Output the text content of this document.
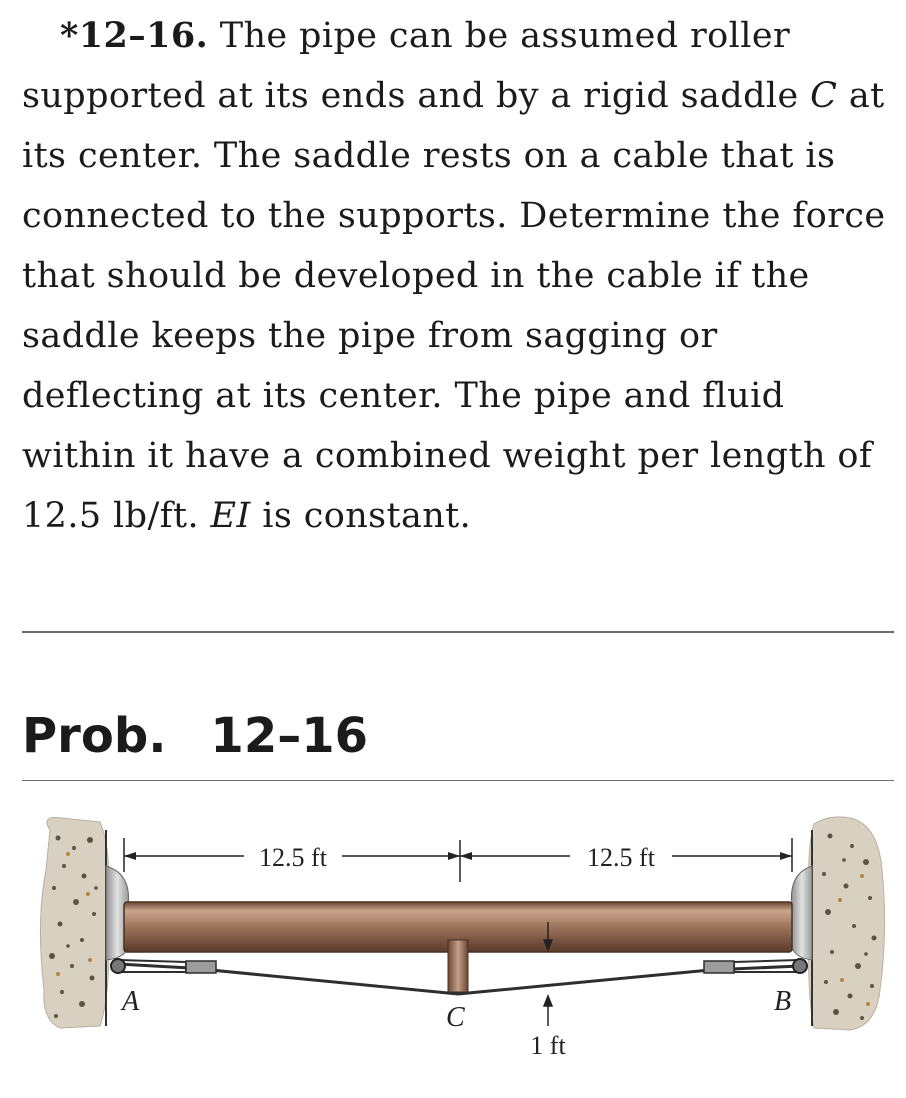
*12–16. The pipe can be assumed roller supported at its ends and by a rigid saddle C at its center. The saddle rests on a cable that is connected to the supports. Determine the force that should be developed in the cable if the saddle keeps the pipe from sagging or deflecting at its center. The pipe and fluid within it have a combined weight per length of 12.5 lb/ft. EI is constant.
Prob. 12–16
12.5 ft	12.5 ft
A	B
C
1 ft
